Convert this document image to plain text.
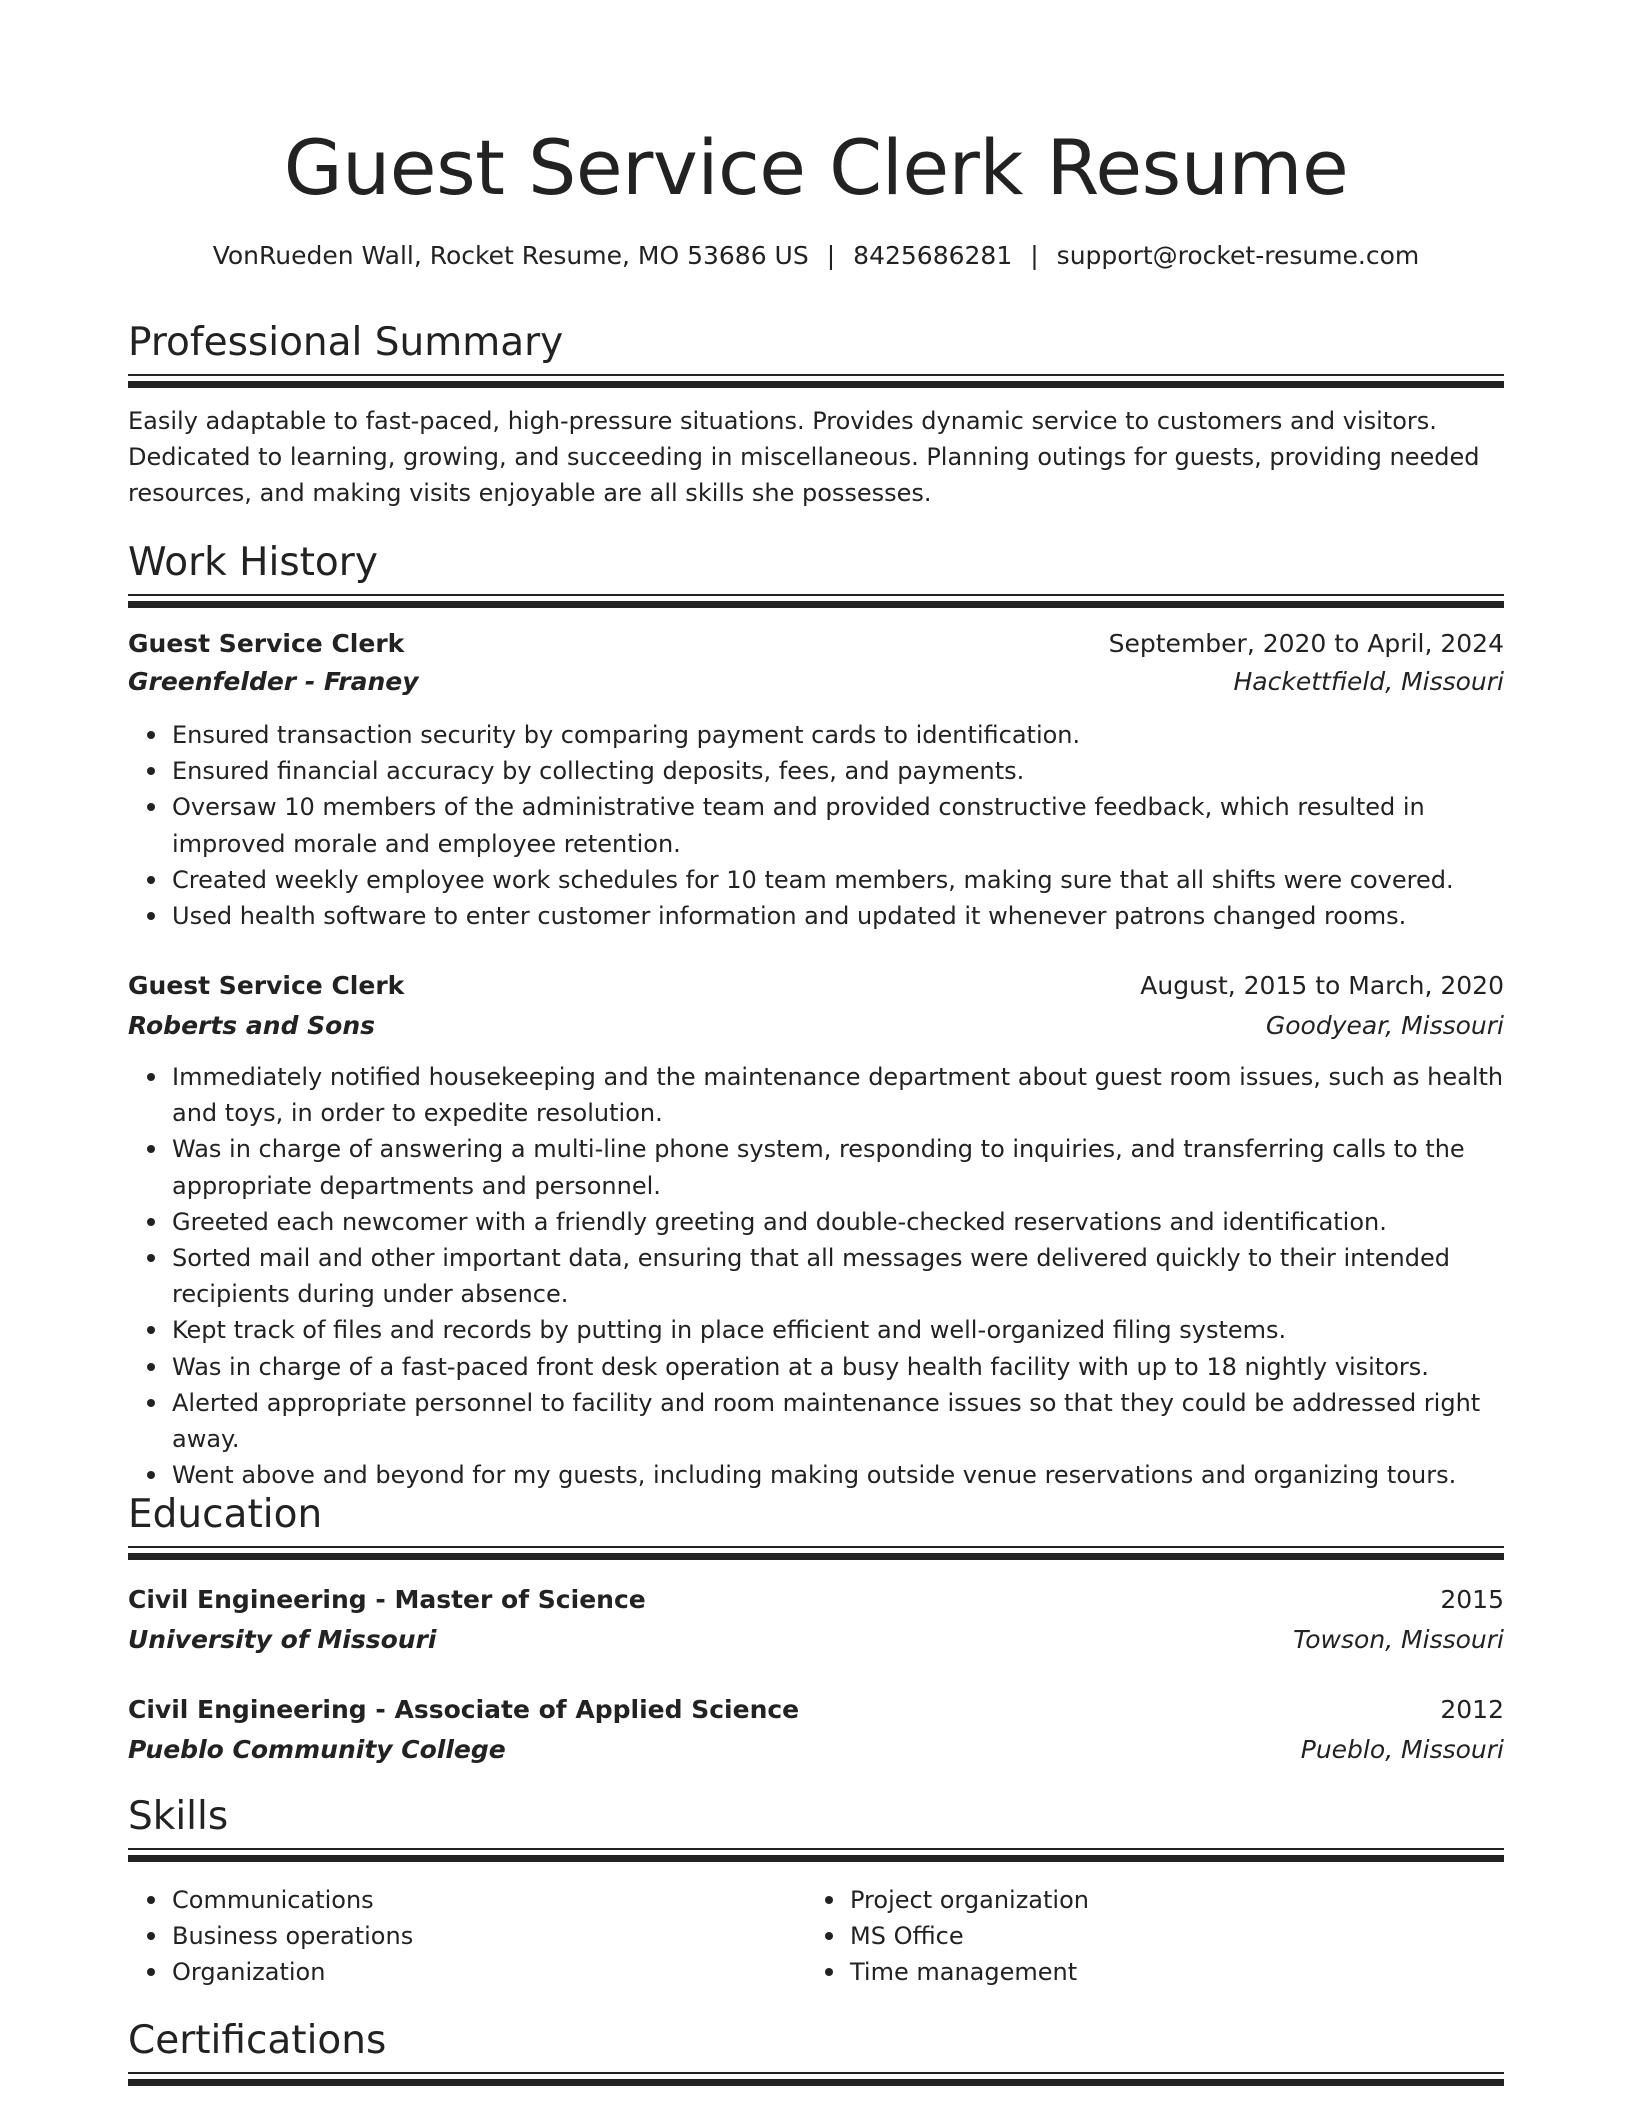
Guest Service Clerk Resume
VonRueden Wall, Rocket Resume, MO 53686 US | 8425686281 | support@rocket-resume.com
Professional Summary

Easily adaptable to fast-paced, high-pressure situations. Provides dynamic service to customers and visitors. Dedicated to learning, growing, and succeeding in miscellaneous. Planning outings for guests, providing needed resources, and making visits enjoyable are all skills she possesses.

Work History
Guest Service Clerk	September, 2020 to April, 2024
Greenfelder - Franey	Hackettfield, Missouri
Ensured transaction security by comparing payment cards to identification.
Ensured financial accuracy by collecting deposits, fees, and payments.
Oversaw 10 members of the administrative team and provided constructive feedback, which resulted in improved morale and employee retention.
Created weekly employee work schedules for 10 team members, making sure that all shifts were covered.
Used health software to enter customer information and updated it whenever patrons changed rooms.
Guest Service Clerk	August, 2015 to March, 2020
Roberts and Sons	Goodyear, Missouri
Immediately notified housekeeping and the maintenance department about guest room issues, such as health and toys, in order to expedite resolution.
Was in charge of answering a multi-line phone system, responding to inquiries, and transferring calls to the appropriate departments and personnel.
Greeted each newcomer with a friendly greeting and double-checked reservations and identification.
Sorted mail and other important data, ensuring that all messages were delivered quickly to their intended recipients during under absence.
Kept track of files and records by putting in place efficient and well-organized filing systems.
Was in charge of a fast-paced front desk operation at a busy health facility with up to 18 nightly visitors.
Alerted appropriate personnel to facility and room maintenance issues so that they could be addressed right away.
Went above and beyond for my guests, including making outside venue reservations and organizing tours.
Education
Civil Engineering - Master of Science	2015
University of Missouri	Towson, Missouri
Civil Engineering - Associate of Applied Science	2012
Pueblo Community College	Pueblo, Missouri
Skills
Communications
Business operations
Organization
Project organization
MS Office
Time management
Certifications
